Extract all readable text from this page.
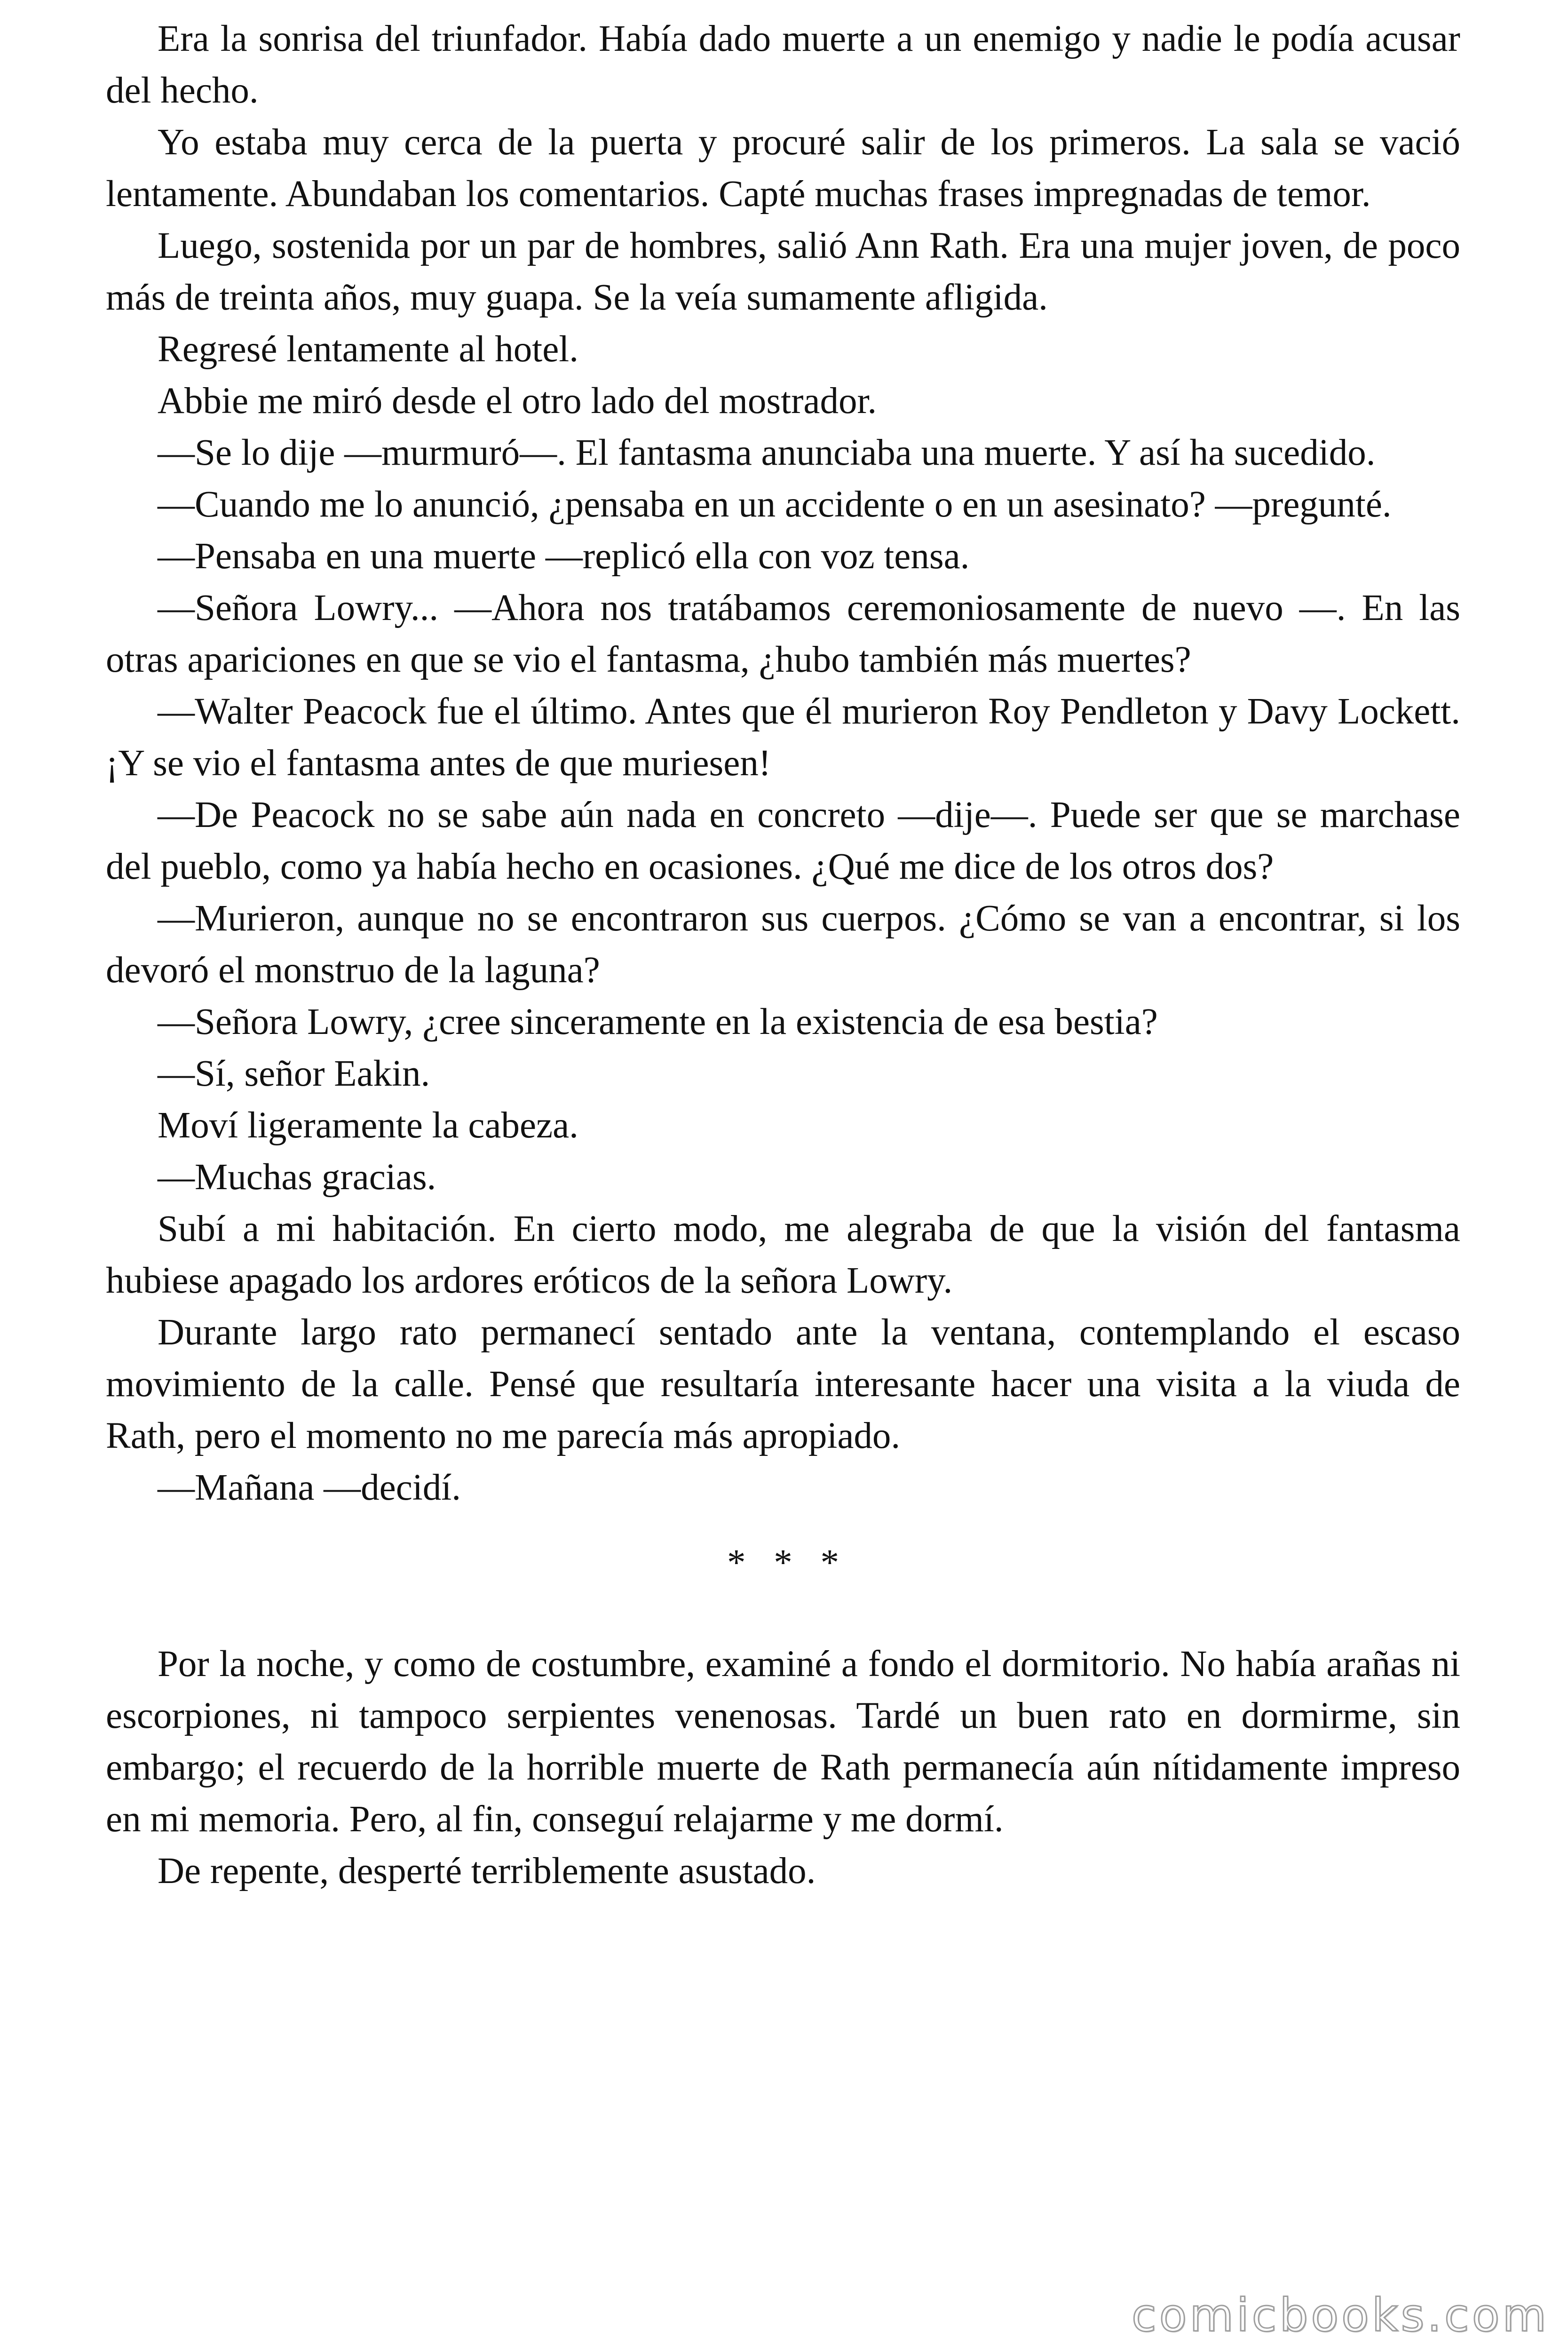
Era la sonrisa del triunfador. Había dado muerte a un enemigo y nadie le podía acusar del hecho.

Yo estaba muy cerca de la puerta y procuré salir de los primeros. La sala se vació lentamente. Abundaban los comentarios. Capté muchas frases impregnadas de temor.

Luego, sostenida por un par de hombres, salió Ann Rath. Era una mujer joven, de poco más de treinta años, muy guapa. Se la veía sumamente afligida.

Regresé lentamente al hotel.

Abbie me miró desde el otro lado del mostrador.

—Se lo dije —murmuró—. El fantasma anunciaba una muerte. Y así ha sucedido.

—Cuando me lo anunció, ¿pensaba en un accidente o en un asesinato? —pregunté.

—Pensaba en una muerte —replicó ella con voz tensa.

—Señora Lowry... —Ahora nos tratábamos ceremoniosamente de nuevo —. En las otras apariciones en que se vio el fantasma, ¿hubo también más muertes?

—Walter Peacock fue el último. Antes que él murieron Roy Pendleton y Davy Lockett. ¡Y se vio el fantasma antes de que muriesen!

—De Peacock no se sabe aún nada en concreto —dije—. Puede ser que se marchase del pueblo, como ya había hecho en ocasiones. ¿Qué me dice de los otros dos?

—Murieron, aunque no se encontraron sus cuerpos. ¿Cómo se van a encontrar, si los devoró el monstruo de la laguna?

—Señora Lowry, ¿cree sinceramente en la existencia de esa bestia?

—Sí, señor Eakin.

Moví ligeramente la cabeza.

—Muchas gracias.

Subí a mi habitación. En cierto modo, me alegraba de que la visión del fantasma hubiese apagado los ardores eróticos de la señora Lowry.

Durante largo rato permanecí sentado ante la ventana, contemplando el escaso movimiento de la calle. Pensé que resultaría interesante hacer una visita a la viuda de Rath, pero el momento no me parecía más apropiado.

—Mañana —decidí.

* * *

Por la noche, y como de costumbre, examiné a fondo el dormitorio. No había arañas ni escorpiones, ni tampoco serpientes venenosas. Tardé un buen rato en dormirme, sin embargo; el recuerdo de la horrible muerte de Rath permanecía aún nítidamente impreso en mi memoria. Pero, al fin, conseguí relajarme y me dormí.

De repente, desperté terriblemente asustado.

comicbooks.com
